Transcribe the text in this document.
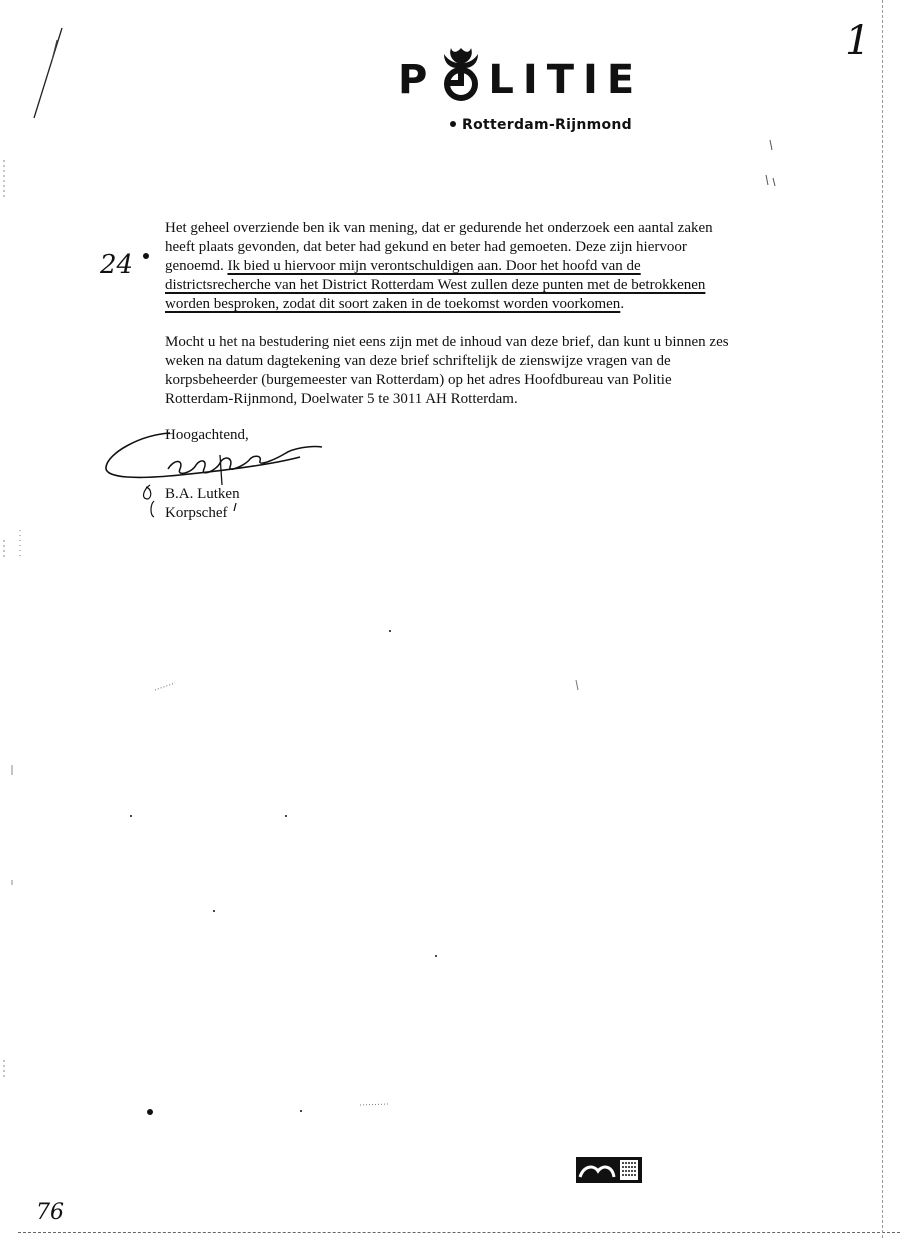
P L I T I E
Rotterdam-Rijnmond
1
24

Het geheel overziende ben ik van mening, dat er gedurende het onderzoek een aantal zaken

heeft plaats gevonden, dat beter had gekund en beter had gemoeten. Deze zijn hiervoor

genoemd. Ik bied u hiervoor mijn verontschuldigen aan. Door het hoofd van de

districtsrecherche van het District Rotterdam West zullen deze punten met de betrokkenen

worden besproken, zodat dit soort zaken in de toekomst worden voorkomen.

Mocht u het na bestudering niet eens zijn met de inhoud van deze brief, dan kunt u binnen zes

weken na datum dagtekening van deze brief schriftelijk de zienswijze vragen van de

korpsbeheerder (burgemeester van Rotterdam) op het adres Hoofdbureau van Politie

Rotterdam-Rijnmond, Doelwater 5 te 3011 AH Rotterdam.

Hoogachtend,
B.A. Lutken
Korpschef
76
